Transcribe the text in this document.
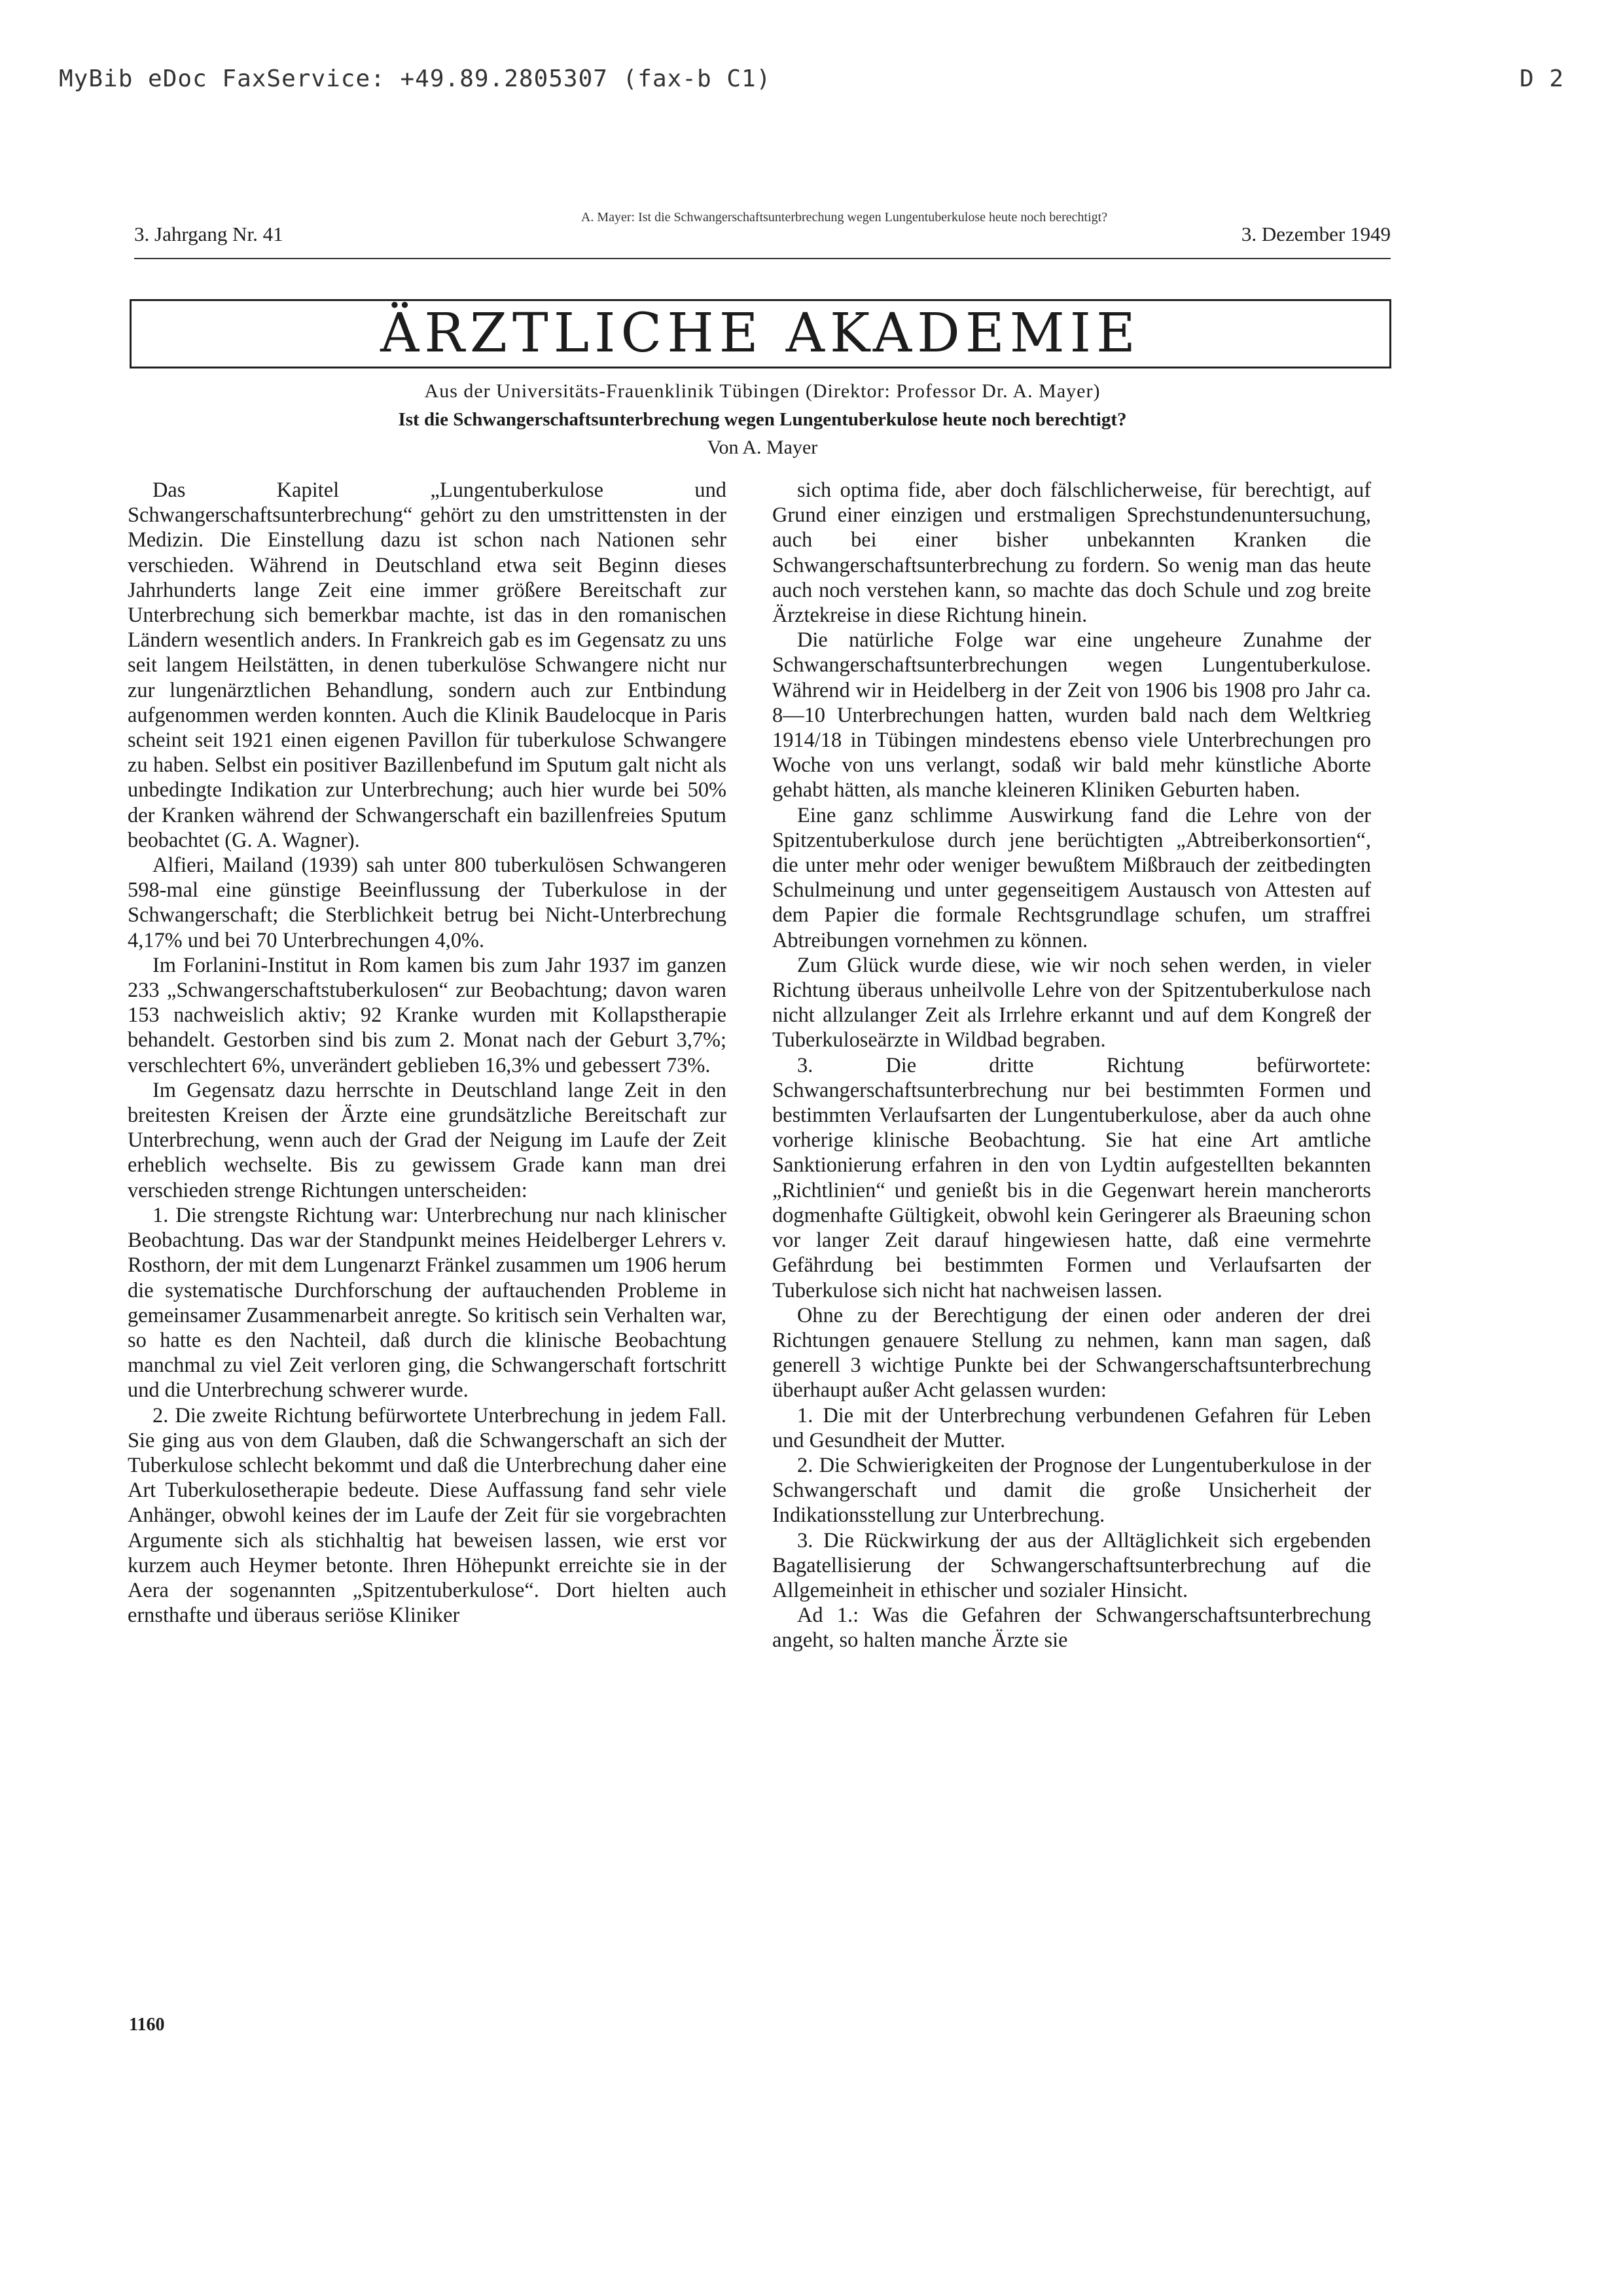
MyBib eDoc FaxService: +49.89.2805307 (fax-b C1)	D 2
3. Jahrgang Nr. 41
A. Mayer: Ist die Schwangerschaftsunterbrechung wegen Lungentuberkulose heute noch berechtigt?
3. Dezember 1949
ÄRZTLICHE AKADEMIE
Aus der Universitäts-Frauenklinik Tübingen (Direktor: Professor Dr. A. Mayer)
Ist die Schwangerschaftsunterbrechung wegen Lungentuberkulose heute noch berechtigt?
Von A. Mayer

Das Kapitel „Lungentuberkulose und Schwangerschaftsunterbrechung“ gehört zu den umstrittensten in der Medizin. Die Einstellung dazu ist schon nach Nationen sehr verschieden. Während in Deutschland etwa seit Beginn dieses Jahrhunderts lange Zeit eine immer größere Bereitschaft zur Unterbrechung sich bemerkbar machte, ist das in den romanischen Ländern wesentlich anders. In Frankreich gab es im Gegensatz zu uns seit langem Heilstätten, in denen tuberkulöse Schwangere nicht nur zur lungenärztlichen Behandlung, sondern auch zur Entbindung aufgenommen werden konnten. Auch die Klinik Baudelocque in Paris scheint seit 1921 einen eigenen Pavillon für tuberkulose Schwangere zu haben. Selbst ein positiver Bazillenbefund im Sputum galt nicht als unbedingte Indikation zur Unterbrechung; auch hier wurde bei 50% der Kranken während der Schwangerschaft ein bazillenfreies Sputum beobachtet (G. A. Wagner).

Alfieri, Mailand (1939) sah unter 800 tuberkulösen Schwangeren 598-mal eine günstige Beeinflussung der Tuberkulose in der Schwangerschaft; die Sterblichkeit betrug bei Nicht-Unterbrechung 4,17% und bei 70 Unterbrechungen 4,0%.

Im Forlanini-Institut in Rom kamen bis zum Jahr 1937 im ganzen 233 „Schwangerschaftstuberkulosen“ zur Beobachtung; davon waren 153 nachweislich aktiv; 92 Kranke wurden mit Kollapstherapie behandelt. Gestorben sind bis zum 2. Monat nach der Geburt 3,7%; verschlechtert 6%, unverändert geblieben 16,3% und gebessert 73%.

Im Gegensatz dazu herrschte in Deutschland lange Zeit in den breitesten Kreisen der Ärzte eine grundsätzliche Bereitschaft zur Unterbrechung, wenn auch der Grad der Neigung im Laufe der Zeit erheblich wechselte. Bis zu gewissem Grade kann man drei verschieden strenge Richtungen unterscheiden:

1. Die strengste Richtung war: Unterbrechung nur nach klinischer Beobachtung. Das war der Standpunkt meines Heidelberger Lehrers v. Rosthorn, der mit dem Lungenarzt Fränkel zusammen um 1906 herum die systematische Durchforschung der auftauchenden Probleme in gemeinsamer Zusammenarbeit anregte. So kritisch sein Verhalten war, so hatte es den Nachteil, daß durch die klinische Beobachtung manchmal zu viel Zeit verloren ging, die Schwangerschaft fortschritt und die Unterbrechung schwerer wurde.

2. Die zweite Richtung befürwortete Unterbrechung in jedem Fall. Sie ging aus von dem Glauben, daß die Schwangerschaft an sich der Tuberkulose schlecht bekommt und daß die Unterbrechung daher eine Art Tuberkulosetherapie bedeute. Diese Auffassung fand sehr viele Anhänger, obwohl keines der im Laufe der Zeit für sie vorgebrachten Argumente sich als stichhaltig hat beweisen lassen, wie erst vor kurzem auch Heymer betonte. Ihren Höhepunkt erreichte sie in der Aera der sogenannten „Spitzentuberkulose“. Dort hielten auch ernsthafte und überaus seriöse Kliniker

sich optima fide, aber doch fälschlicherweise, für berechtigt, auf Grund einer einzigen und erstmaligen Sprechstundenuntersuchung, auch bei einer bisher unbekannten Kranken die Schwangerschaftsunterbrechung zu fordern. So wenig man das heute auch noch verstehen kann, so machte das doch Schule und zog breite Ärztekreise in diese Richtung hinein.

Die natürliche Folge war eine ungeheure Zunahme der Schwangerschaftsunterbrechungen wegen Lungentuberkulose. Während wir in Heidelberg in der Zeit von 1906 bis 1908 pro Jahr ca. 8—10 Unterbrechungen hatten, wurden bald nach dem Weltkrieg 1914/18 in Tübingen mindestens ebenso viele Unterbrechungen pro Woche von uns verlangt, sodaß wir bald mehr künstliche Aborte gehabt hätten, als manche kleineren Kliniken Geburten haben.

Eine ganz schlimme Auswirkung fand die Lehre von der Spitzentuberkulose durch jene berüchtigten „Abtreiberkonsortien“, die unter mehr oder weniger bewußtem Mißbrauch der zeitbedingten Schulmeinung und unter gegenseitigem Austausch von Attesten auf dem Papier die formale Rechtsgrundlage schufen, um straffrei Abtreibungen vornehmen zu können.

Zum Glück wurde diese, wie wir noch sehen werden, in vieler Richtung überaus unheilvolle Lehre von der Spitzentuberkulose nach nicht allzulanger Zeit als Irrlehre erkannt und auf dem Kongreß der Tuberkuloseärzte in Wildbad begraben.

3. Die dritte Richtung befürwortete: Schwangerschaftsunterbrechung nur bei bestimmten Formen und bestimmten Verlaufsarten der Lungentuberkulose, aber da auch ohne vorherige klinische Beobachtung. Sie hat eine Art amtliche Sanktionierung erfahren in den von Lydtin aufgestellten bekannten „Richtlinien“ und genießt bis in die Gegenwart herein mancherorts dogmenhafte Gültigkeit, obwohl kein Geringerer als Braeuning schon vor langer Zeit darauf hingewiesen hatte, daß eine vermehrte Gefährdung bei bestimmten Formen und Verlaufsarten der Tuberkulose sich nicht hat nachweisen lassen.

Ohne zu der Berechtigung der einen oder anderen der drei Richtungen genauere Stellung zu nehmen, kann man sagen, daß generell 3 wichtige Punkte bei der Schwangerschaftsunterbrechung überhaupt außer Acht gelassen wurden:

1. Die mit der Unterbrechung verbundenen Gefahren für Leben und Gesundheit der Mutter.

2. Die Schwierigkeiten der Prognose der Lungentuberkulose in der Schwangerschaft und damit die große Unsicherheit der Indikationsstellung zur Unterbrechung.

3. Die Rückwirkung der aus der Alltäglichkeit sich ergebenden Bagatellisierung der Schwangerschaftsunterbrechung auf die Allgemeinheit in ethischer und sozialer Hinsicht.

Ad 1.: Was die Gefahren der Schwangerschaftsunterbrechung angeht, so halten manche Ärzte sie

1160
